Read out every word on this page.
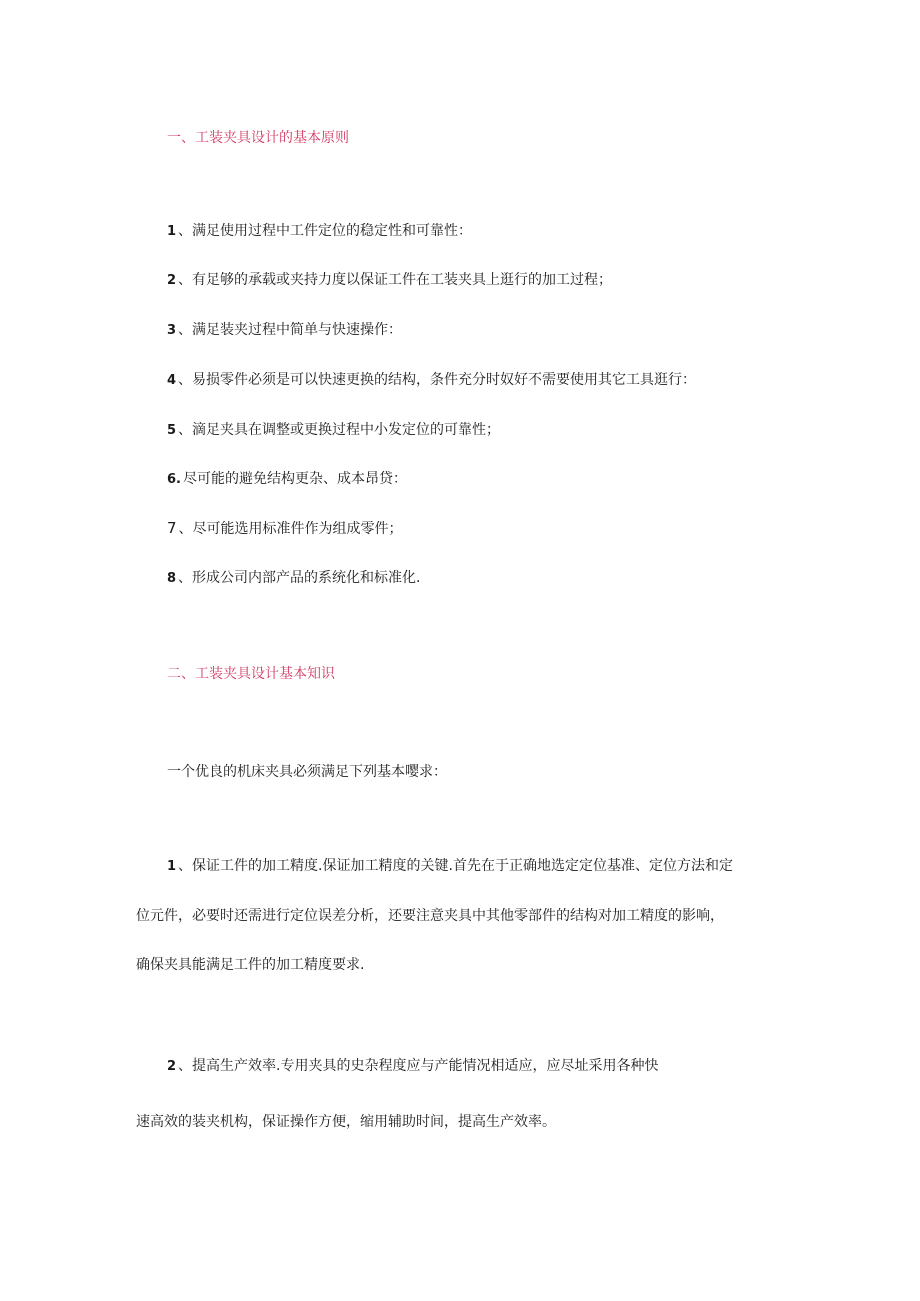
一、工装夹具设计的基本原则
1 、满足使用过程中工件定位的稳定性和可靠性：
2 、有足够的承载或夹持力度以保证工件在工装夹具上逛行的加工过程；
3 、满足装夹过程中简单与快速操作：
4 、易损零件必须是可以快速更换的结构，条件充分时奴好不需要使用其它工具逛行：
5 、滴足夹具在调整或更换过程中小发定位的可靠性；
6. 尽可能的避免结构更杂、成本昂贷：
7 、尽可能选用标准件作为组成零件；
8 、形成公司内部产品的系统化和标准化.
二、工装夹具设计基本知识
一个优良的机床夹具必须满足下列基本嘤求：
1 、保证工件的加工精度.保证加工精度的关键.首先在于正确地选定定位基准、定位方法和定
位元件，必要时还需进行定位误差分析，还要注意夹具中其他零部件的结构对加工精度的影响，
确保夹具能满足工件的加工精度要求.
2 、提高生产效率.专用夹具的史杂程度应与产能情况相适应，应尽址采用各种快
速高效的装夹机构，保证操作方便，缩用辅助时间，提高生产效率。
